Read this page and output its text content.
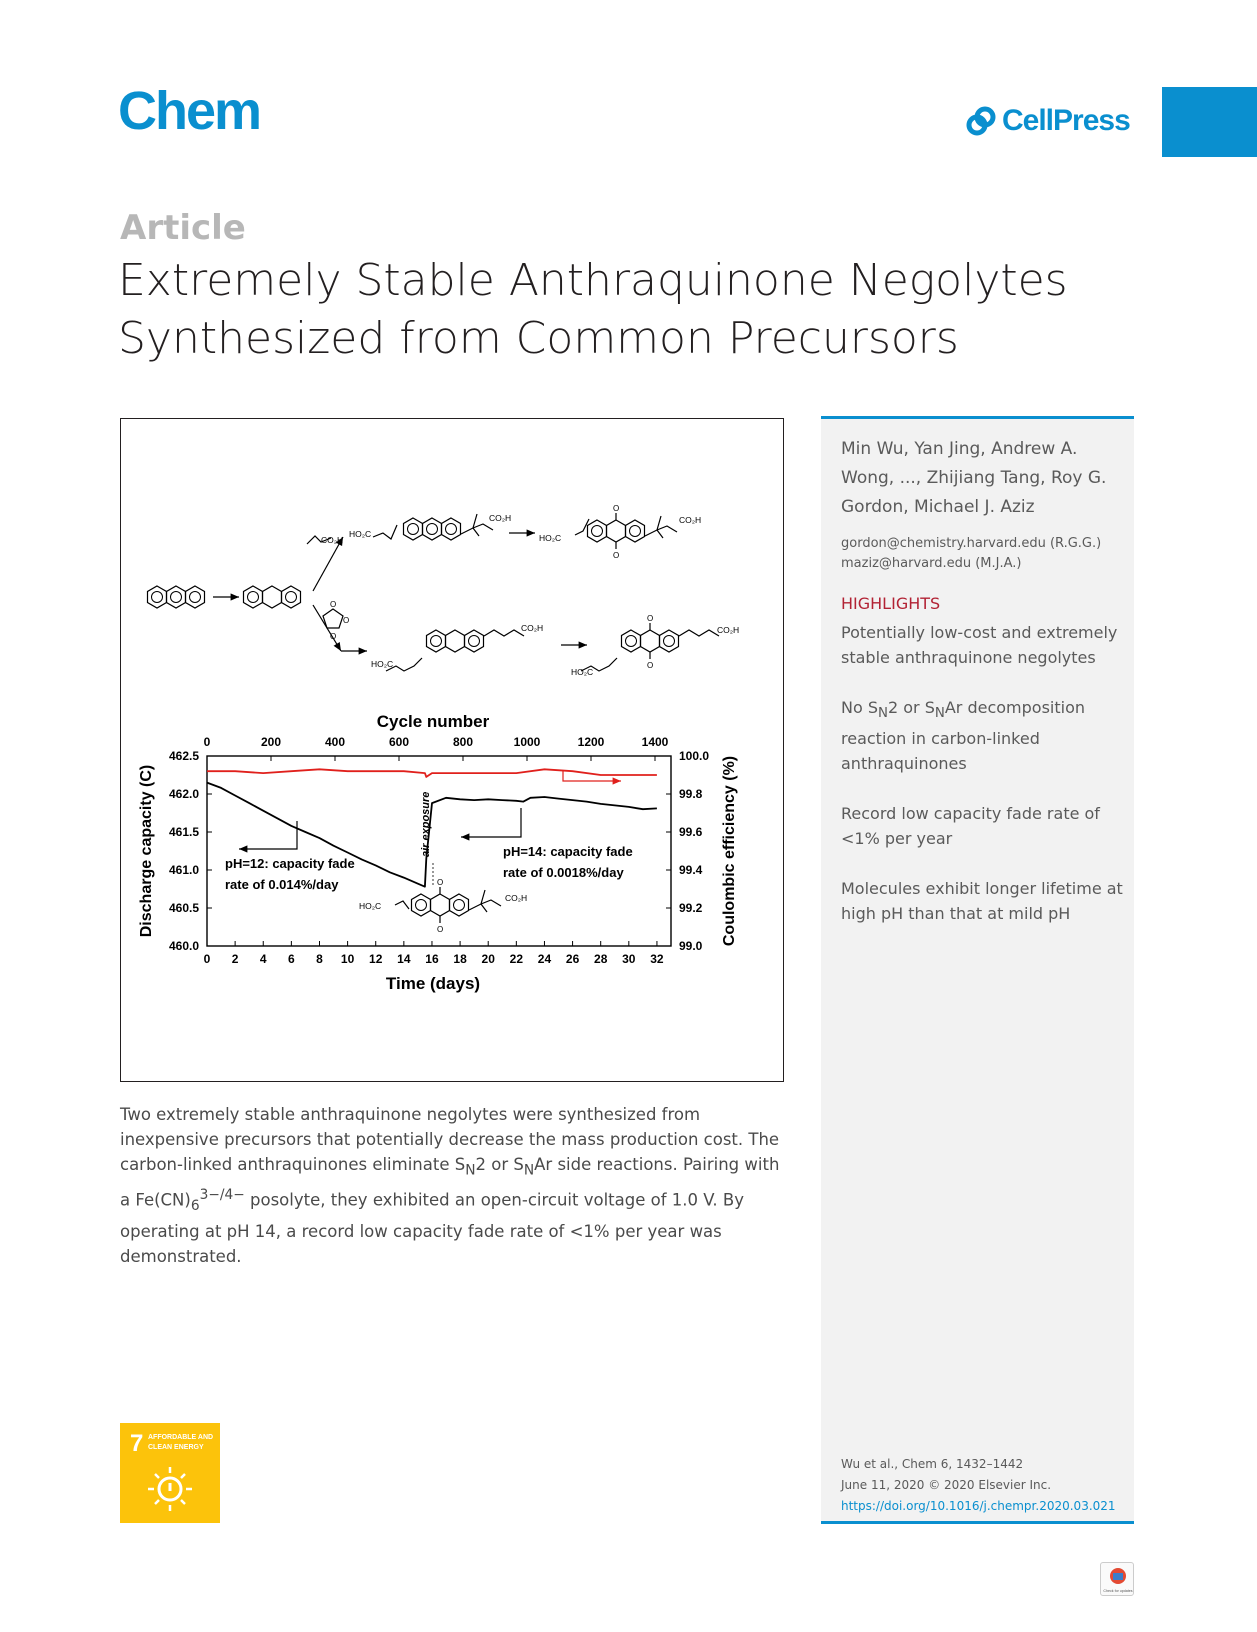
Chem	CellPress
Article
Extremely Stable Anthraquinone Negolytes Synthesized from Common Precursors
CO₂H
HO₂C
CO₂H
HO₂C
O
O
CO₂H
O
O
O
CO₂H
HO₂C
O
O
CO₂H
HO₂C
Cycle number
Time (days)
Discharge capacity (C)	Coulombic efficiency (%)
0 2 4 6 8 10 12 14 16 18 20 22 24 26 28 30 32
0	200	400	600	800	1000	1200	1400
460.0
460.5
461.0
461.5
462.0
462.5
99.0
99.2
99.4
99.6
99.8
100.0
air exposure
pH=12: capacity fade
rate of 0.014%/day
pH=14: capacity fade
rate of 0.0018%/day
HO₂C
O
O
CO₂H
Two extremely stable anthraquinone negolytes were synthesized from inexpensive precursors that potentially decrease the mass production cost. The carbon-linked anthraquinones eliminate $S_N2$ or $S_NAr$ side reactions. Pairing with a $Fe(CN)_6^{3-/4-}$ posolyte, they exhibited an open-circuit voltage of 1.0 V. By operating at pH 14, a record low capacity fade rate of <1% per year was demonstrated.
Min Wu, Yan Jing, Andrew A. Wong, ..., Zhijiang Tang, Roy G. Gordon, Michael J. Aziz
gordon@chemistry.harvard.edu (R.G.G.)
maziz@harvard.edu (M.J.A.)
HIGHLIGHTS
Potentially low-cost and extremely stable anthraquinone negolytes
No $S_N2$ or $S_NAr$ decomposition reaction in carbon-linked anthraquinones
Record low capacity fade rate of <1% per year
Molecules exhibit longer lifetime at high pH than that at mild pH
Wu et al., Chem 6, 1432–1442
June 11, 2020 © 2020 Elsevier Inc.
https://doi.org/10.1016/j.chempr.2020.03.021
7 AFFORDABLE AND
CLEAN ENERGY
Check for updates
